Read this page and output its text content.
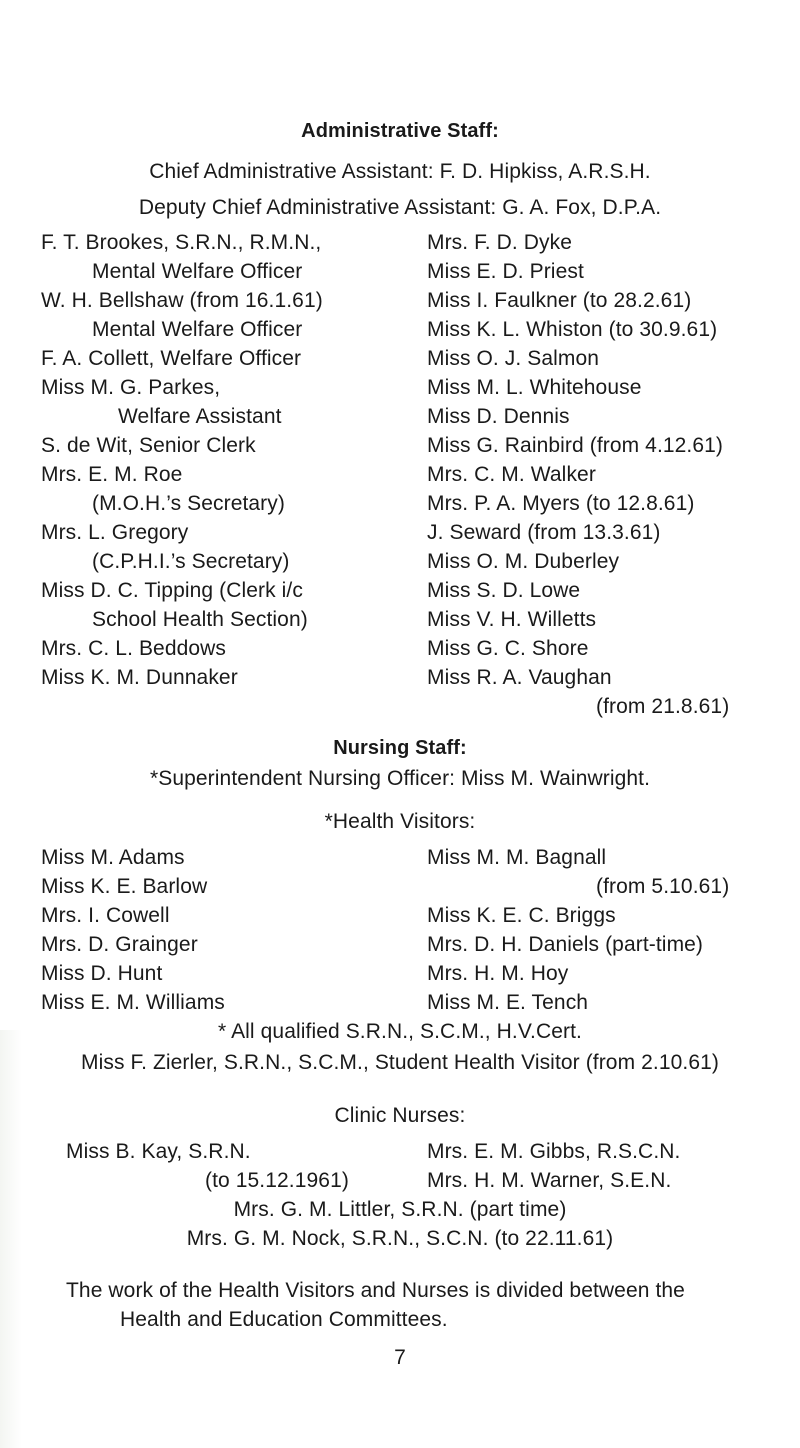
Administrative Staff:
Chief Administrative Assistant: F. D. Hipkiss, A.R.S.H.
Deputy Chief Administrative Assistant: G. A. Fox, D.P.A.
F. T. Brookes, S.R.N., R.M.N.,
Mental Welfare Officer
W. H. Bellshaw (from 16.1.61)
Mental Welfare Officer
F. A. Collett, Welfare Officer
Miss M. G. Parkes,
Welfare Assistant
S. de Wit, Senior Clerk
Mrs. E. M. Roe
(M.O.H.’s Secretary)
Mrs. L. Gregory
(C.P.H.I.’s Secretary)
Miss D. C. Tipping (Clerk i/c
School Health Section)
Mrs. C. L. Beddows
Miss K. M. Dunnaker
Mrs. F. D. Dyke
Miss E. D. Priest
Miss I. Faulkner (to 28.2.61)
Miss K. L. Whiston (to 30.9.61)
Miss O. J. Salmon
Miss M. L. Whitehouse
Miss D. Dennis
Miss G. Rainbird (from 4.12.61)
Mrs. C. M. Walker
Mrs. P. A. Myers (to 12.8.61)
J. Seward (from 13.3.61)
Miss O. M. Duberley
Miss S. D. Lowe
Miss V. H. Willetts
Miss G. C. Shore
Miss R. A. Vaughan
(from 21.8.61)
Nursing Staff:
*Superintendent Nursing Officer: Miss M. Wainwright.
*Health Visitors:
Miss M. Adams
Miss K. E. Barlow
Mrs. I. Cowell
Mrs. D. Grainger
Miss D. Hunt
Miss E. M. Williams
Miss M. M. Bagnall
(from 5.10.61)
Miss K. E. C. Briggs
Mrs. D. H. Daniels (part-time)
Mrs. H. M. Hoy
Miss M. E. Tench
* All qualified S.R.N., S.C.M., H.V.Cert.
Miss F. Zierler, S.R.N., S.C.M., Student Health Visitor (from 2.10.61)
Clinic Nurses:
Miss B. Kay, S.R.N.	Mrs. E. M. Gibbs, R.S.C.N.
(to 15.12.1961)	Mrs. H. M. Warner, S.E.N.
Mrs. G. M. Littler, S.R.N. (part time)
Mrs. G. M. Nock, S.R.N., S.C.N. (to 22.11.61)
The work of the Health Visitors and Nurses is divided between the
Health and Education Committees.
7
